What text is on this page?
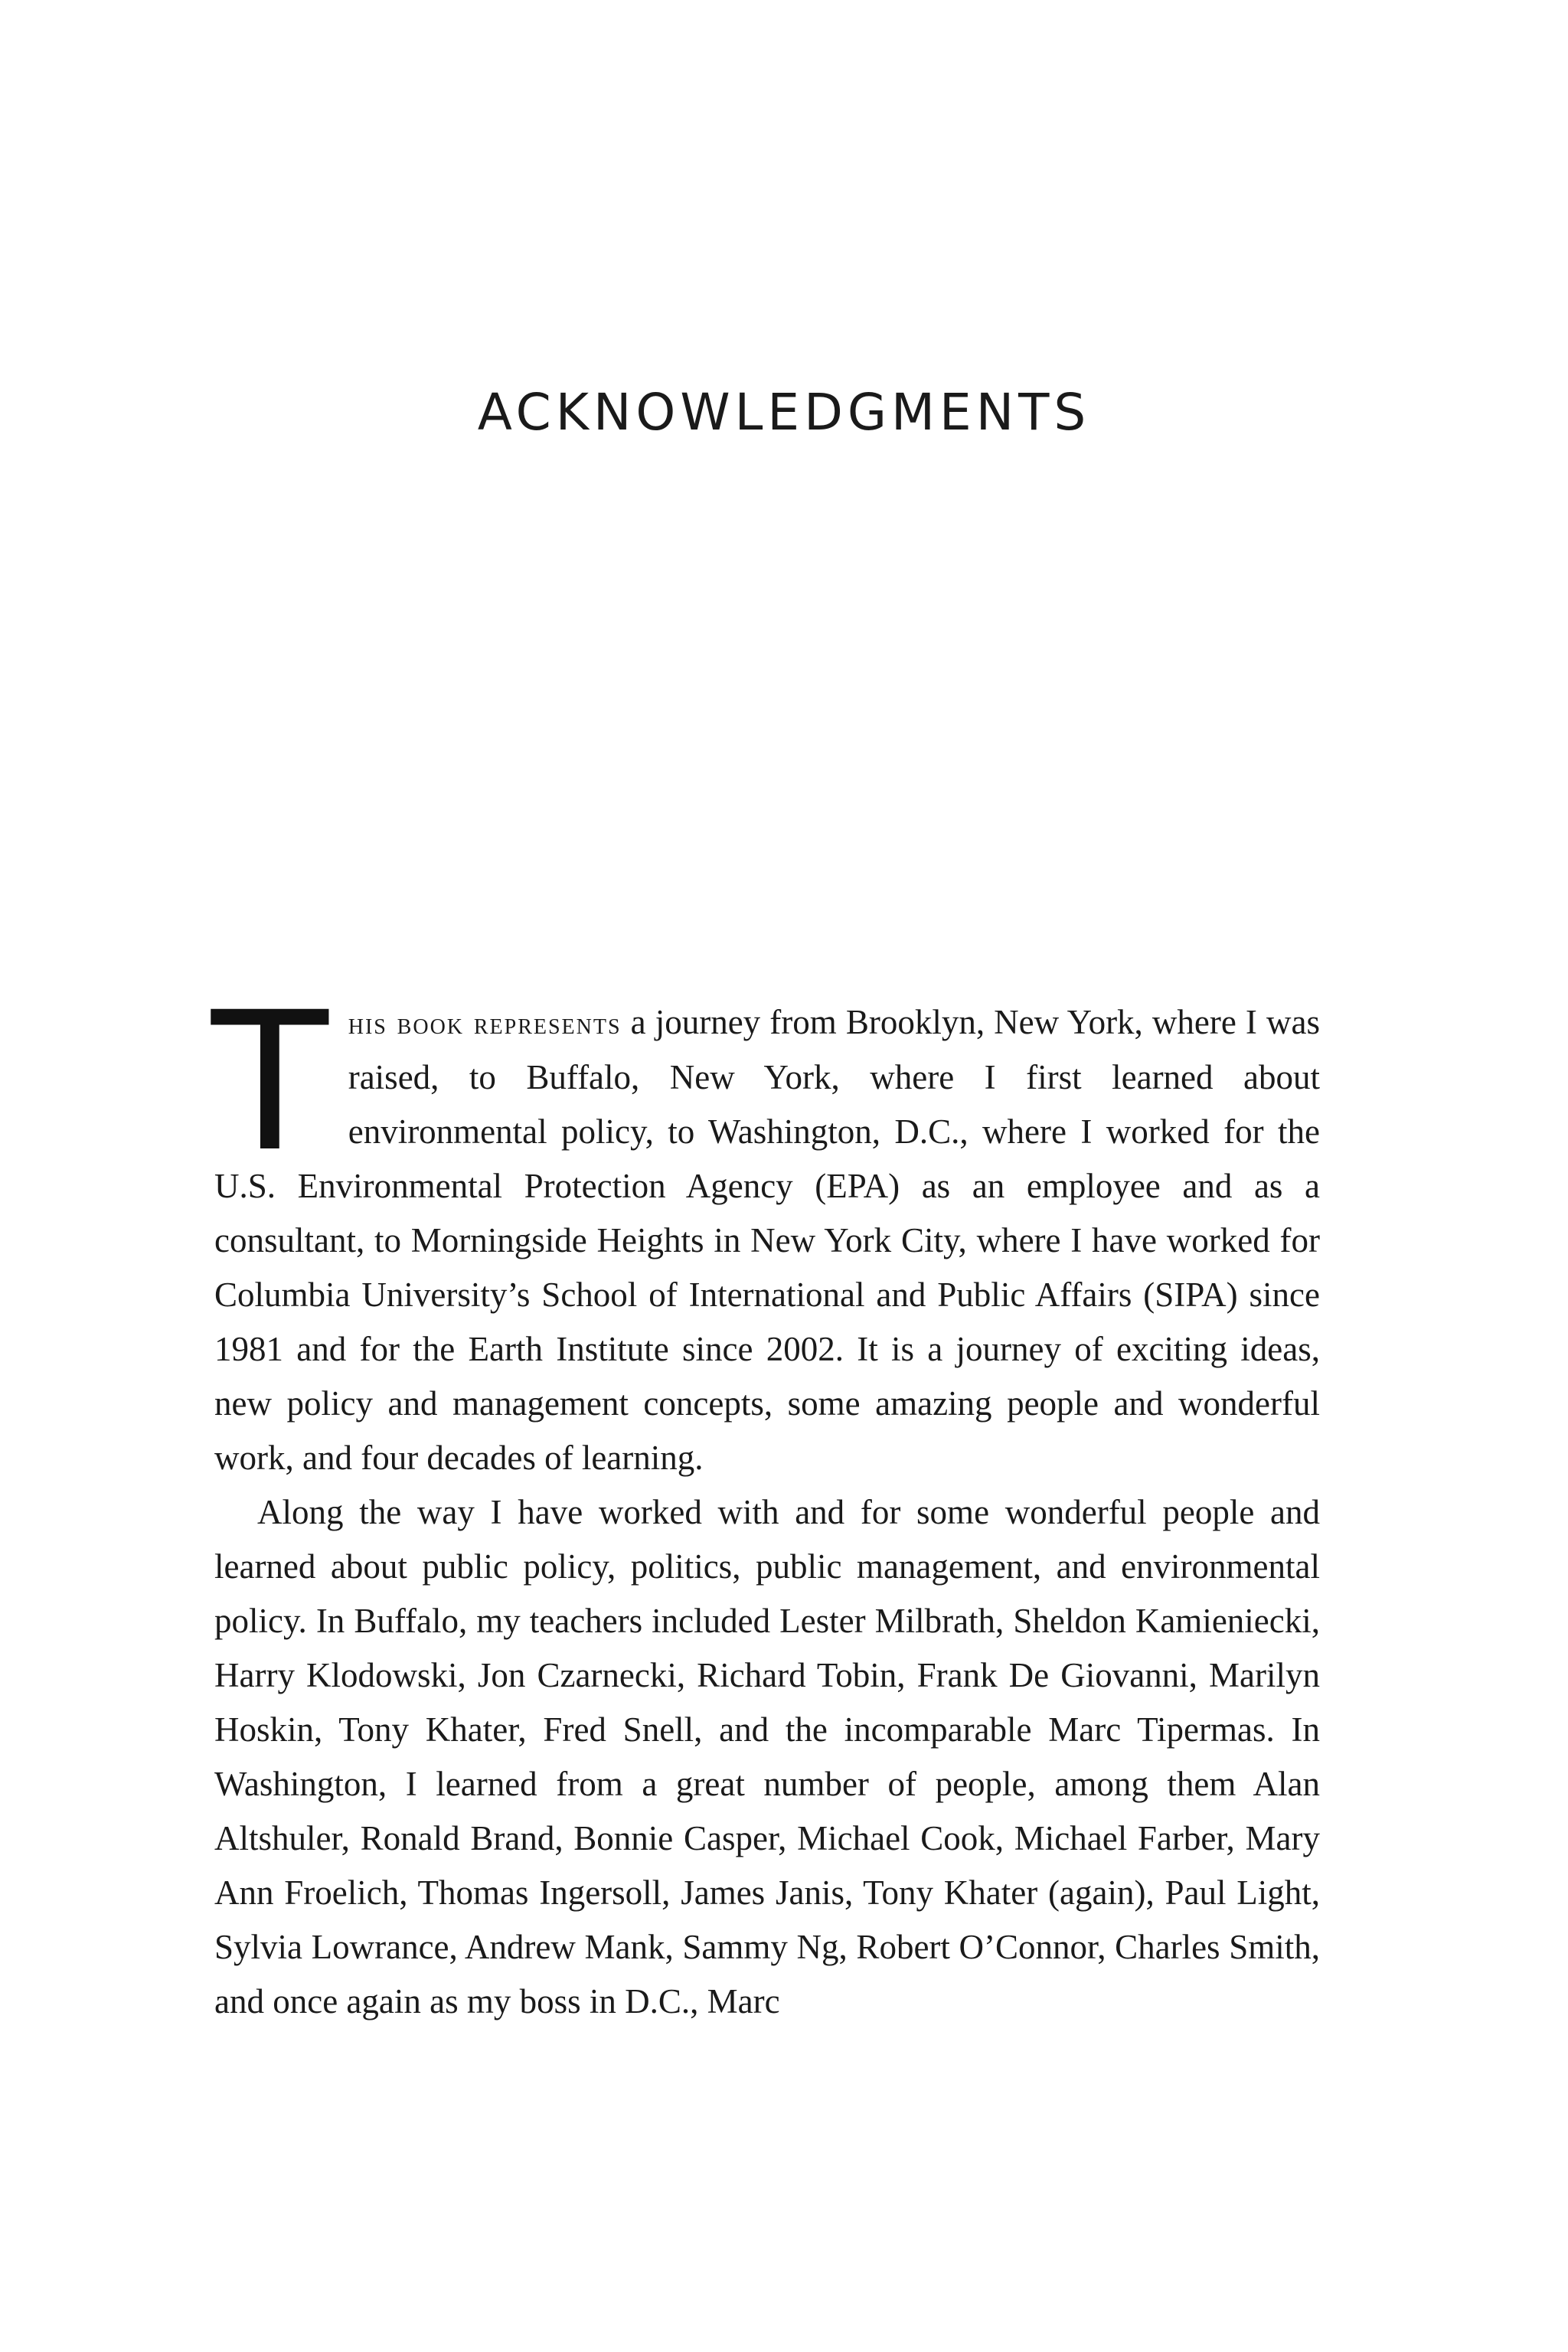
ACKNOWLEDGMENTS

This book represents a journey from Brooklyn, New York, where I was raised, to Buffalo, New York, where I first learned about environmental policy, to Washington, D.C., where I worked for the U.S. Environmental Protection Agency (EPA) as an employee and as a consultant, to Morningside Heights in New York City, where I have worked for Columbia University’s School of International and Public Affairs (SIPA) since 1981 and for the Earth Institute since 2002. It is a journey of exciting ideas, new policy and management concepts, some amazing people and wonderful work, and four decades of learning.

Along the way I have worked with and for some wonderful people and learned about public policy, politics, public management, and environmental policy. In Buffalo, my teachers included Lester Milbrath, Sheldon Kamieniecki, Harry Klodowski, Jon Czarnecki, Richard Tobin, Frank De Giovanni, Marilyn Hoskin, Tony Khater, Fred Snell, and the incomparable Marc Tipermas. In Washington, I learned from a great number of people, among them Alan Altshuler, Ronald Brand, Bonnie Casper, Michael Cook, Michael Farber, Mary Ann Froelich, Thomas Ingersoll, James Janis, Tony Khater (again), Paul Light, Sylvia Lowrance, Andrew Mank, Sammy Ng, Robert O’Connor, Charles Smith, and once again as my boss in D.C., Marc
